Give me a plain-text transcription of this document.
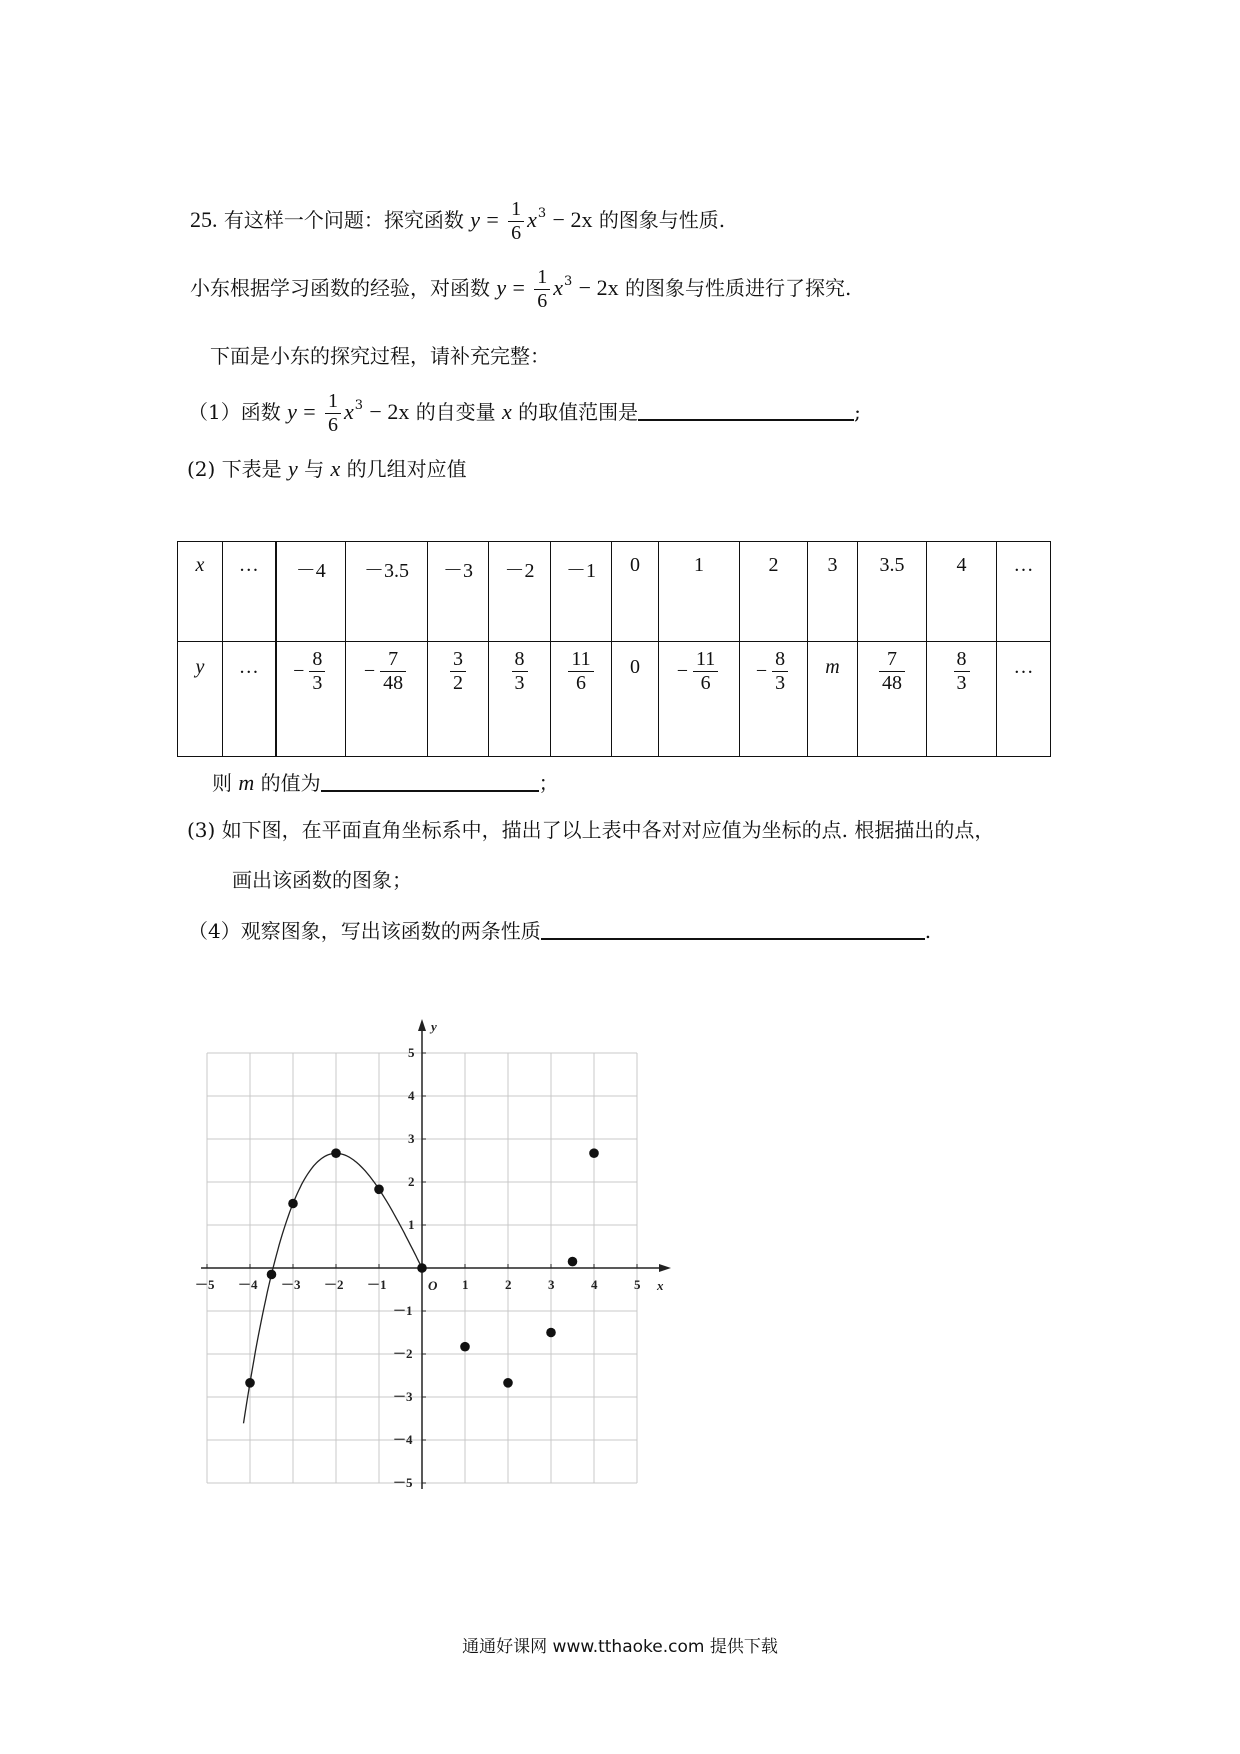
25. 有这样一个问题：探究函数 $y = \frac{1}{6} x^3 - 2x$ 的图象与性质.
小东根据学习函数的经验，对函数 $y = \frac{1}{6} x^3 - 2x$ 的图象与性质进行了探究.
下面是小东的探究过程，请补充完整：
（1）函数 $y = \frac{1}{6} x^3 - 2x$ 的自变量 x 的取值范围是	;
(2) 下表是 y 与 x 的几组对应值
x	…	－4	－3.5	－3	－2	－1	0	1	2	3	3.5	4	…
y	…	− $\frac{8}{3}$	− $\frac{7}{48}$	$\frac{3}{2}$	$\frac{8}{3}$	$\frac{11}{6}$	0	− $\frac{11}{6}$	− $\frac{8}{3}$	m	$\frac{7}{48}$	$\frac{8}{3}$	…
则 m 的值为	；
(3) 如下图，在平面直角坐标系中，描出了以上表中各对对应值为坐标的点. 根据描出的点，
画出该函数的图象；
（4）观察图象，写出该函数的两条性质	.
x
y
O
－5 －4 －3 －2 －1	1	2	3	4	5
5
4
3
2
1
－1
－2
－3
－4
－5
通通好课网 www.tthaoke.com 提供下载
